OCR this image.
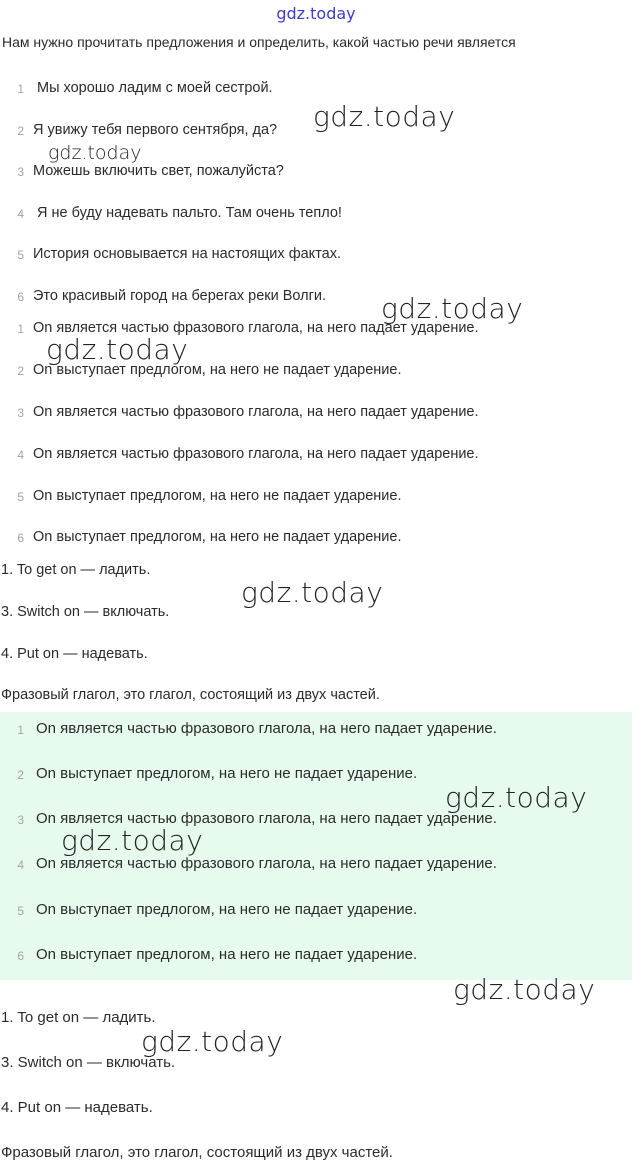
gdz.today
Нам нужно прочитать предложения и определить, какой частью речи является
1 Мы хорошо ладим с моей сестрой.
2 Я увижу тебя первого сентября, да?
3 Можешь включить свет, пожалуйста?
4 Я не буду надевать пальто. Там очень тепло!
5 История основывается на настоящих фактах.
6 Это красивый город на берегах реки Волги.
1 On является частью фразового глагола, на него падает ударение.
2 On выступает предлогом, на него не падает ударение.
3 On является частью фразового глагола, на него падает ударение.
4 On является частью фразового глагола, на него падает ударение.
5 On выступает предлогом, на него не падает ударение.
6 On выступает предлогом, на него не падает ударение.
1. To get on — ладить.
3. Switch on — включать.
4. Put on — надевать.
Фразовый глагол, это глагол, состоящий из двух частей.
1 On является частью фразового глагола, на него падает ударение.
2 On выступает предлогом, на него не падает ударение.
3 On является частью фразового глагола, на него падает ударение.
4 On является частью фразового глагола, на него падает ударение.
5 On выступает предлогом, на него не падает ударение.
6 On выступает предлогом, на него не падает ударение.
1. To get on — ладить.
3. Switch on — включать.
4. Put on — надевать.
Фразовый глагол, это глагол, состоящий из двух частей.
gdz.today
gdz.today
gdz.today
gdz.today
gdz.today
gdz.today
gdz.today
gdz.today
gdz.today
